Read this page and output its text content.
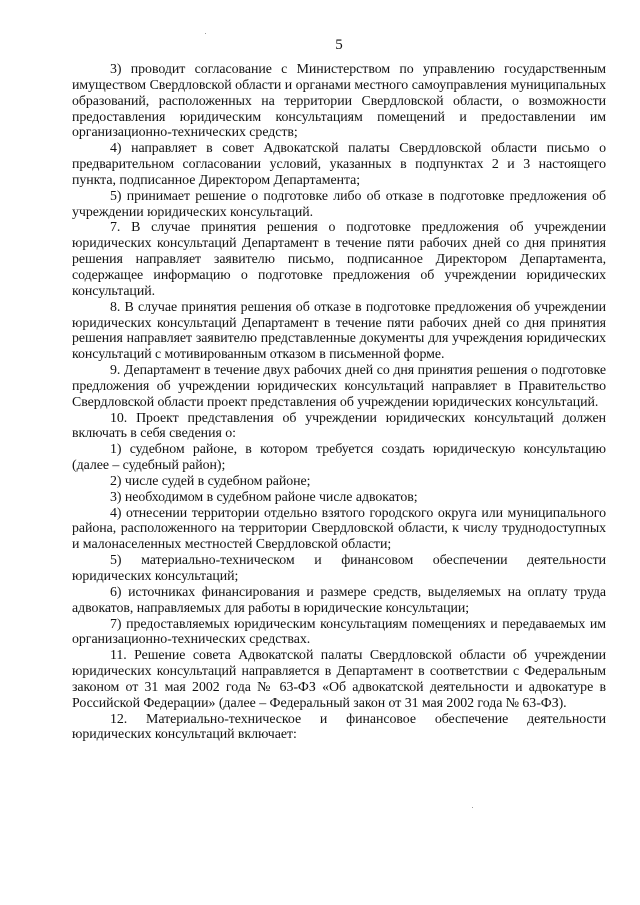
5

3) проводит согласование с Министерством по управлению государственным имуществом Свердловской области и органами местного самоуправления муниципальных образований, расположенных на территории Свердловской области, о возможности предоставления юридическим консультациям помещений и предоставлении им организационно-технических средств;

4) направляет в совет Адвокатской палаты Свердловской области письмо о предварительном согласовании условий, указанных в подпунктах 2 и 3 настоящего пункта, подписанное Директором Департамента;

5) принимает решение о подготовке либо об отказе в подготовке предложения об учреждении юридических консультаций.

7. В случае принятия решения о подготовке предложения об учреждении юридических консультаций Департамент в течение пяти рабочих дней со дня принятия решения направляет заявителю письмо, подписанное Директором Департамента, содержащее информацию о подготовке предложения об учреждении юридических консультаций.

8. В случае принятия решения об отказе в подготовке предложения об учреждении юридических консультаций Департамент в течение пяти рабочих дней со дня принятия решения направляет заявителю представленные документы для учреждения юридических консультаций с мотивированным отказом в письменной форме.

9. Департамент в течение двух рабочих дней со дня принятия решения о подготовке предложения об учреждении юридических консультаций направляет в Правительство Свердловской области проект представления об учреждении юридических консультаций.

10. Проект представления об учреждении юридических консультаций должен включать в себя сведения о:

1) судебном районе, в котором требуется создать юридическую консультацию (далее – судебный район);

2) числе судей в судебном районе;

3) необходимом в судебном районе числе адвокатов;

4) отнесении территории отдельно взятого городского округа или муниципального района, расположенного на территории Свердловской области, к числу труднодоступных и малонаселенных местностей Свердловской области;

5) материально-техническом и финансовом обеспечении деятельности юридических консультаций;

6) источниках финансирования и размере средств, выделяемых на оплату труда адвокатов, направляемых для работы в юридические консультации;

7) предоставляемых юридическим консультациям помещениях и передаваемых им организационно-технических средствах.

11. Решение совета Адвокатской палаты Свердловской области об учреждении юридических консультаций направляется в Департамент в соответствии с Федеральным законом от 31 мая 2002 года № 63-ФЗ «Об адвокатской деятельности и адвокатуре в Российской Федерации» (далее – Федеральный закон от 31 мая 2002 года № 63-ФЗ).

12. Материально-техническое и финансовое обеспечение деятельности юридических консультаций включает:
